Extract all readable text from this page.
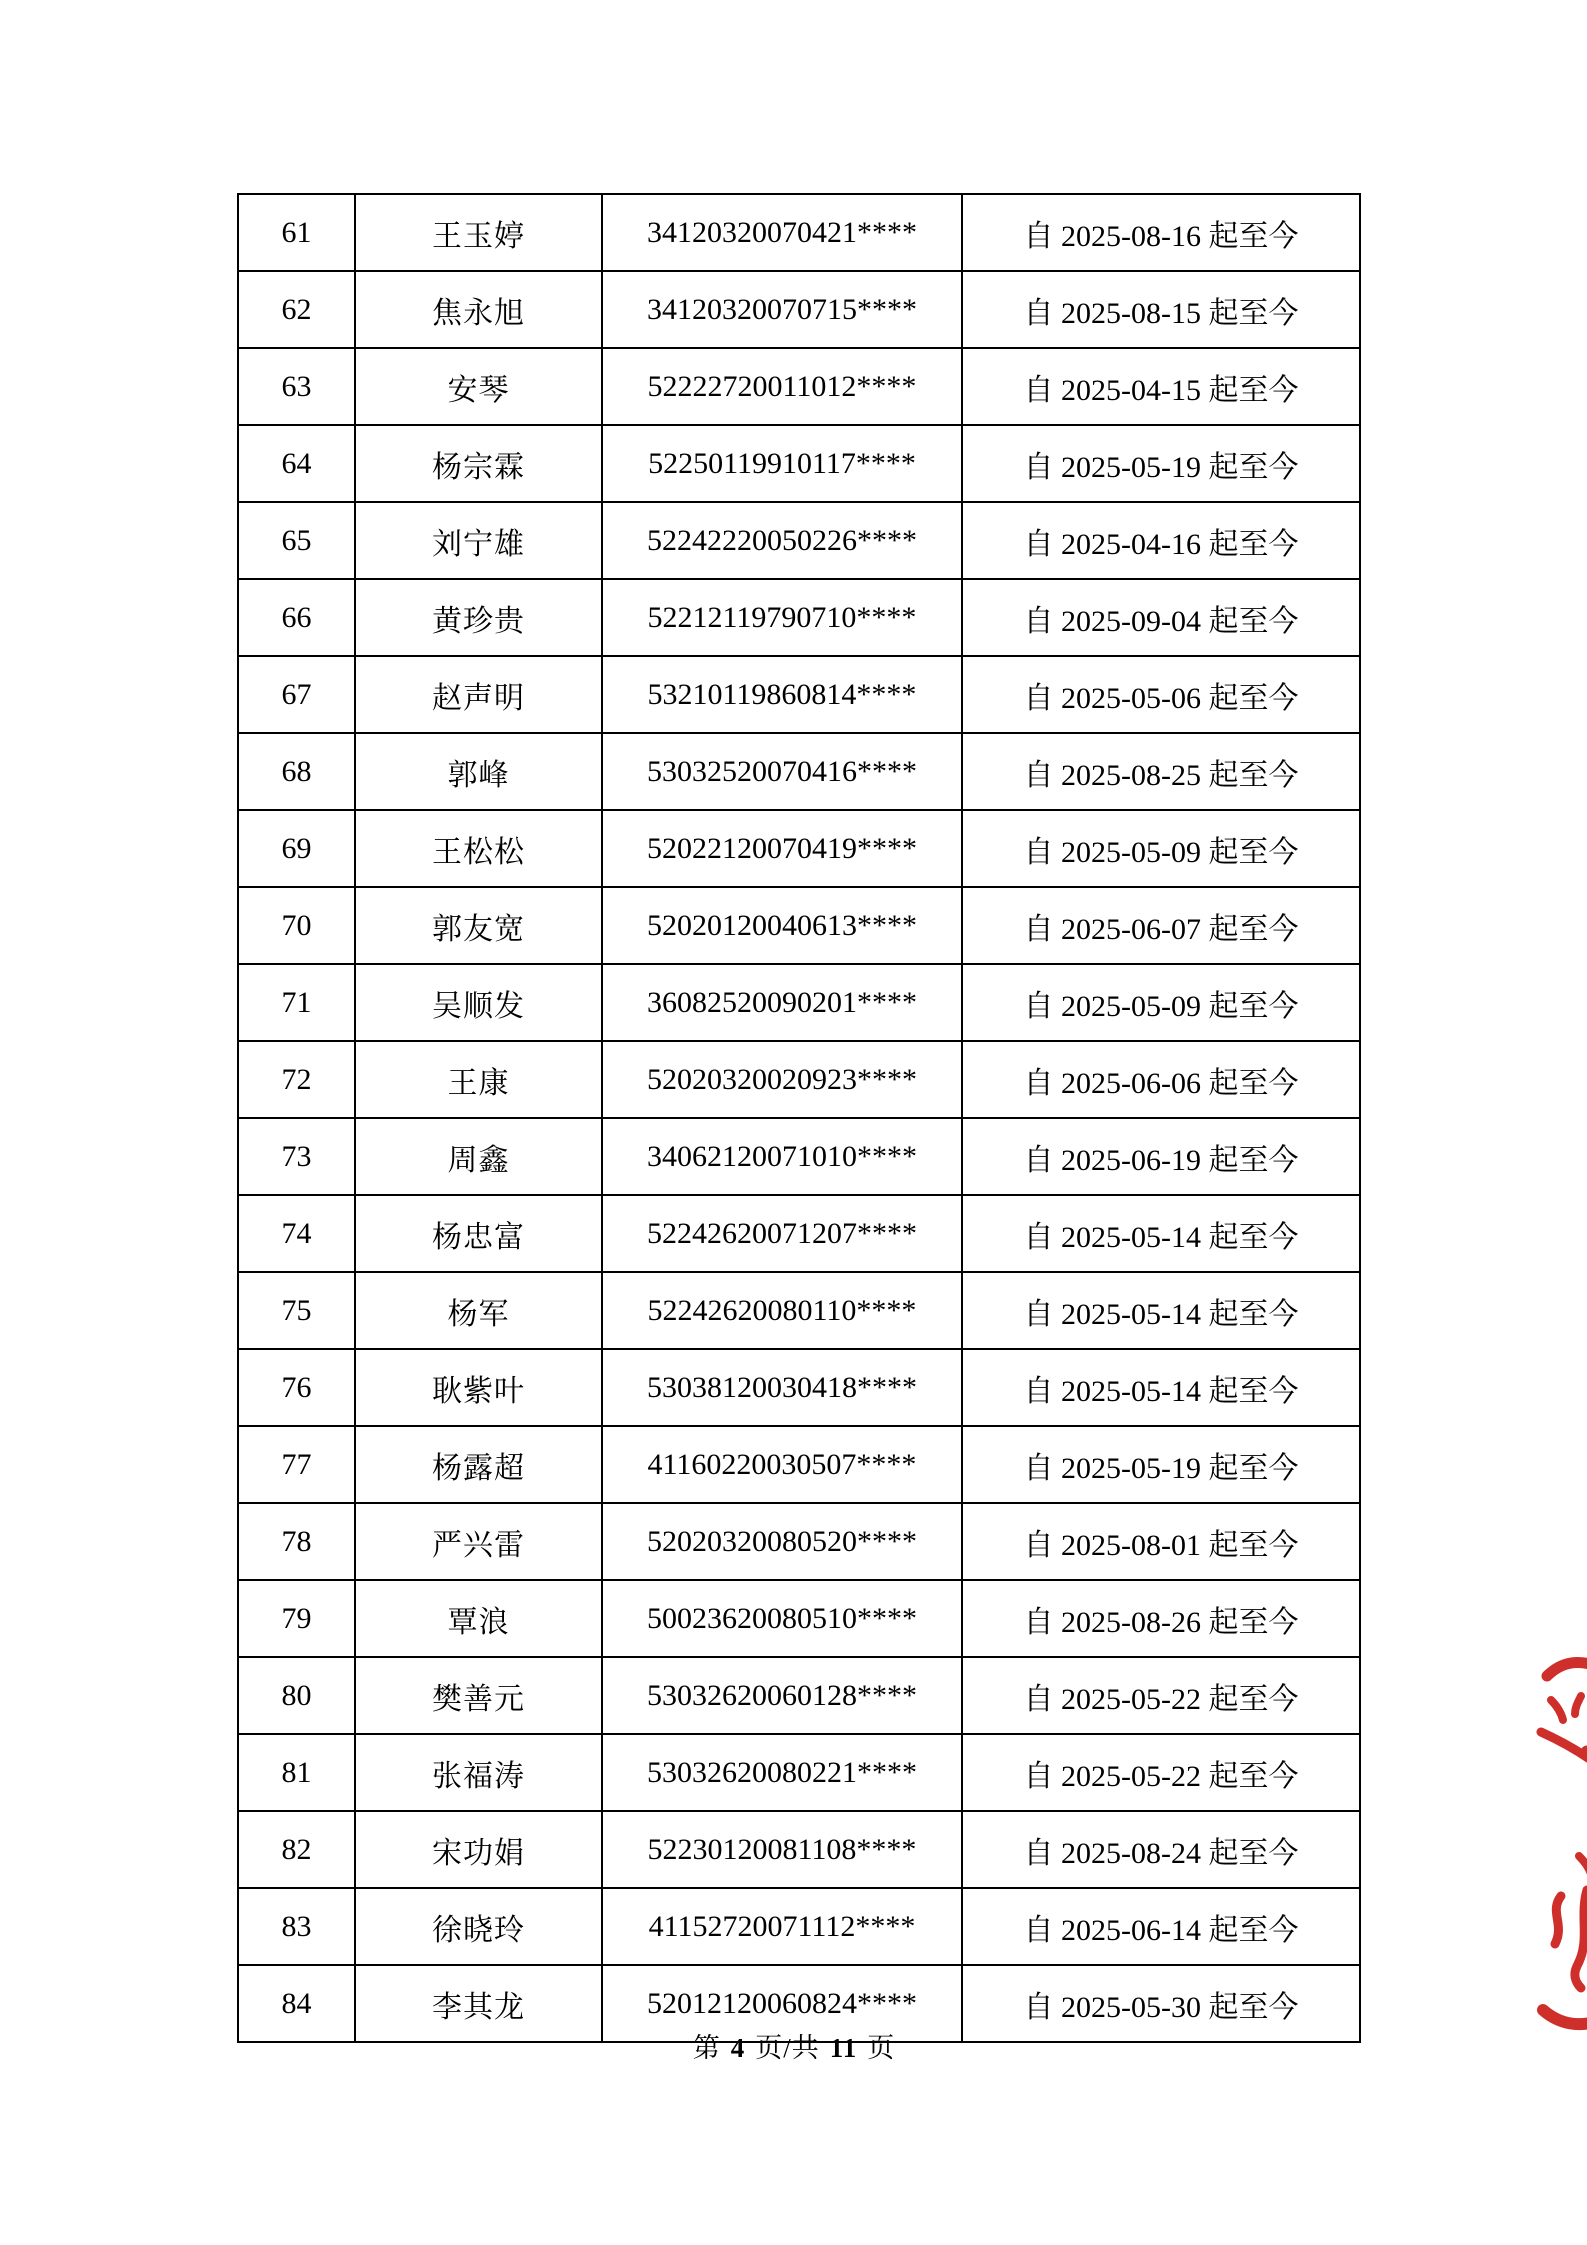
61	王玉婷	34120320070421****	自 2025-08-16 起至今
62	焦永旭	34120320070715****	自 2025-08-15 起至今
63	安琴	52222720011012****	自 2025-04-15 起至今
64	杨宗霖	52250119910117****	自 2025-05-19 起至今
65	刘宁雄	52242220050226****	自 2025-04-16 起至今
66	黄珍贵	52212119790710****	自 2025-09-04 起至今
67	赵声明	53210119860814****	自 2025-05-06 起至今
68	郭峰	53032520070416****	自 2025-08-25 起至今
69	王松松	52022120070419****	自 2025-05-09 起至今
70	郭友宽	52020120040613****	自 2025-06-07 起至今
71	吴顺发	36082520090201****	自 2025-05-09 起至今
72	王康	52020320020923****	自 2025-06-06 起至今
73	周鑫	34062120071010****	自 2025-06-19 起至今
74	杨忠富	52242620071207****	自 2025-05-14 起至今
75	杨军	52242620080110****	自 2025-05-14 起至今
76	耿紫叶	53038120030418****	自 2025-05-14 起至今
77	杨露超	41160220030507****	自 2025-05-19 起至今
78	严兴雷	52020320080520****	自 2025-08-01 起至今
79	覃浪	50023620080510****	自 2025-08-26 起至今
80	樊善元	53032620060128****	自 2025-05-22 起至今
81	张福涛	53032620080221****	自 2025-05-22 起至今
82	宋功娟	52230120081108****	自 2025-08-24 起至今
83	徐晓玲	41152720071112****	自 2025-06-14 起至今
84	李其龙	52012120060824****	自 2025-05-30 起至今
第 4 页/共 11 页
